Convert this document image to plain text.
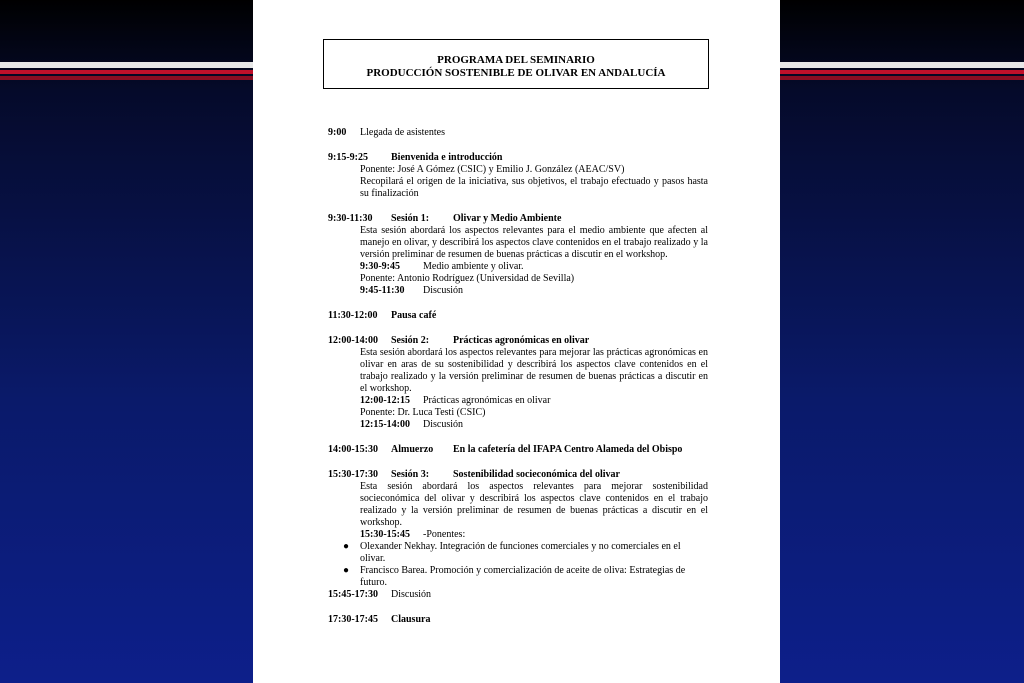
PROGRAMA DEL SEMINARIO
PRODUCCIÓN SOSTENIBLE DE OLIVAR EN ANDALUCÍA
9:00 Llegada de asistentes
9:15-9:25 Bienvenida e introducción
Ponente: José A Gómez (CSIC) y Emilio J. González (AEAC/SV)
Recopilará el origen de la iniciativa, sus objetivos, el trabajo efectuado y pasos hasta su finalización
9:30-11:30 Sesión 1: Olivar y Medio Ambiente
Esta sesión abordará los aspectos relevantes para el medio ambiente que afecten al manejo en olivar, y describirá los aspectos clave contenidos en el trabajo realizado y la versión preliminar de resumen de buenas prácticas a discutir en el workshop.
9:30-9:45 Medio ambiente y olivar.
Ponente: Antonio Rodríguez (Universidad de Sevilla)
9:45-11:30 Discusión
11:30-12:00 Pausa café
12:00-14:00 Sesión 2: Prácticas agronómicas en olivar
Esta sesión abordará los aspectos relevantes para mejorar las prácticas agronómicas en olivar en aras de su sostenibilidad y describirá los aspectos clave contenidos en el trabajo realizado y la versión preliminar de resumen de buenas prácticas a discutir en el workshop.
12:00-12:15 Prácticas agronómicas en olivar
Ponente: Dr. Luca Testi (CSIC)
12:15-14:00 Discusión
14:00-15:30 Almuerzo En la cafetería del IFAPA Centro Alameda del Obispo
15:30-17:30 Sesión 3: Sostenibilidad socieconómica del olivar
Esta sesión abordará los aspectos relevantes para mejorar sostenibilidad socieconómica del olivar y describirá los aspectos clave contenidos en el trabajo realizado y la versión preliminar de resumen de buenas prácticas a discutir en el workshop.
15:30-15:45 -Ponentes:
● Olexander Nekhay. Integración de funciones comerciales y no comerciales en el olivar.
● Francisco Barea. Promoción y comercialización de aceite de oliva: Estrategias de futuro.
15:45-17:30 Discusión
17:30-17:45 Clausura
